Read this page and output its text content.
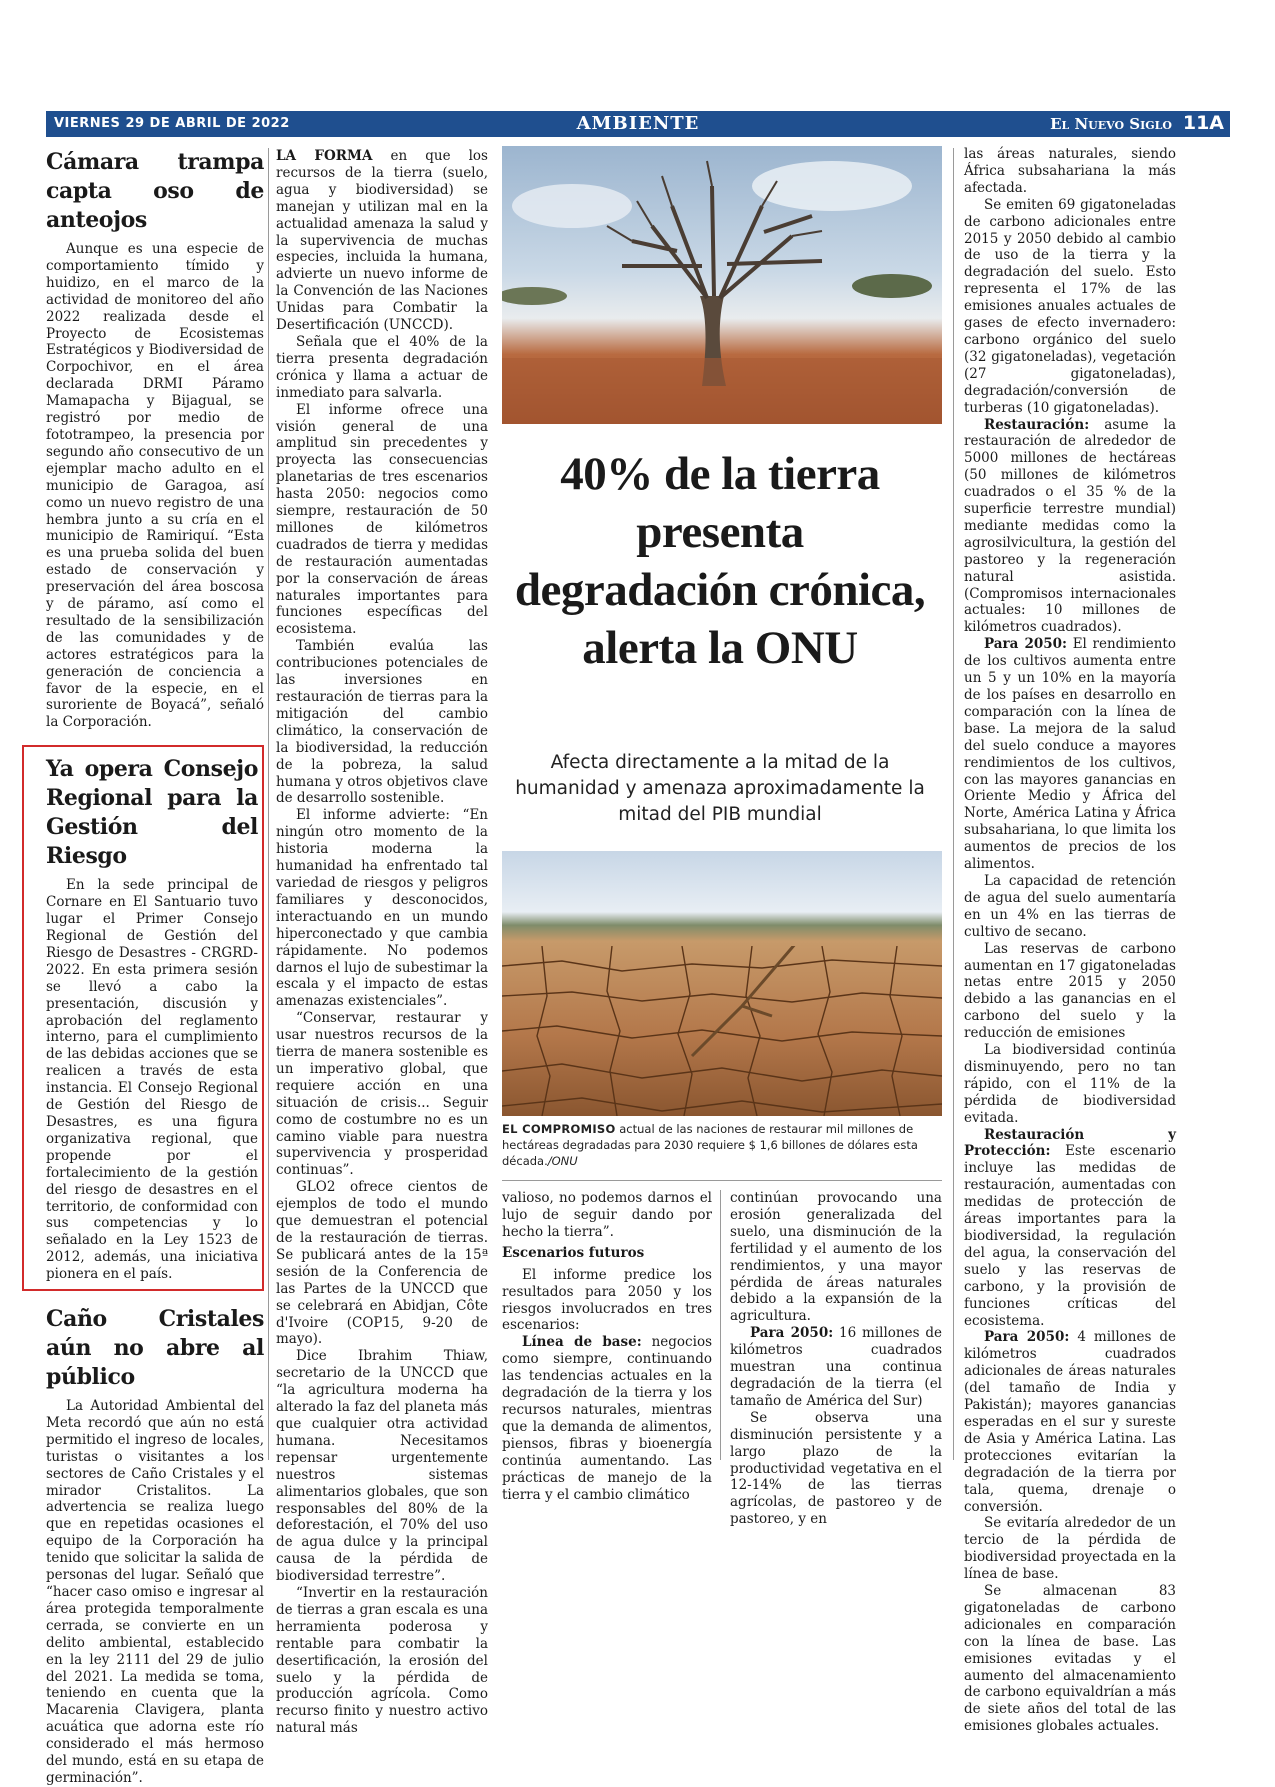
VIERNES 29 DE ABRIL DE 2022	AMBIENTE	El Nuevo Siglo 11A
Cámara trampa capta oso de anteojos

Aunque es una especie de comportamiento tímido y huidizo, en el marco de la actividad de monitoreo del año 2022 realizada desde el Proyecto de Ecosistemas Estratégicos y Biodiversidad de Corpochivor, en el área declarada DRMI Páramo Mamapacha y Bijagual, se registró por medio de fototrampeo, la presencia por segundo año consecutivo de un ejemplar macho adulto en el municipio de Garagoa, así como un nuevo registro de una hembra junto a su cría en el municipio de Ramiriquí. “Esta es una prueba solida del buen estado de conservación y preservación del área boscosa y de páramo, así como el resultado de la sensibilización de las comunidades y de actores estratégicos para la generación de conciencia a favor de la especie, en el suroriente de Boyacá”, señaló la Corporación.

Ya opera Consejo Regional para la Gestión del Riesgo

En la sede principal de Cornare en El Santuario tuvo lugar el Primer Consejo Regional de Gestión del Riesgo de Desastres - CRGRD-2022. En esta primera sesión se llevó a cabo la presentación, discusión y aprobación del reglamento interno, para el cumplimiento de las debidas acciones que se realicen a través de esta instancia. El Consejo Regional de Gestión del Riesgo de Desastres, es una figura organizativa regional, que propende por el fortalecimiento de la gestión del riesgo de desastres en el territorio, de conformidad con sus competencias y lo señalado en la Ley 1523 de 2012, además, una iniciativa pionera en el país.

Caño Cristales aún no abre al público

La Autoridad Ambiental del Meta recordó que aún no está permitido el ingreso de locales, turistas o visitantes a los sectores de Caño Cristales y el mirador Cristalitos. La advertencia se realiza luego que en repetidas ocasiones el equipo de la Corporación ha tenido que solicitar la salida de personas del lugar. Señaló que “hacer caso omiso e ingresar al área protegida temporalmente cerrada, se convierte en un delito ambiental, establecido en la ley 2111 del 29 de julio del 2021. La medida se toma, teniendo en cuenta que la Macarenia Clavigera, planta acuática que adorna este río considerado el más hermoso del mundo, está en su etapa de germinación”.

LA FORMA en que los recursos de la tierra (suelo, agua y biodiversidad) se manejan y utilizan mal en la actualidad amenaza la salud y la supervivencia de muchas especies, incluida la humana, advierte un nuevo informe de la Convención de las Naciones Unidas para Combatir la Desertificación (UNCCD).

Señala que el 40% de la tierra presenta degradación crónica y llama a actuar de inmediato para salvarla.

El informe ofrece una visión general de una amplitud sin precedentes y proyecta las consecuencias planetarias de tres escenarios hasta 2050: negocios como siempre, restauración de 50 millones de kilómetros cuadrados de tierra y medidas de restauración aumentadas por la conservación de áreas naturales importantes para funciones específicas del ecosistema.

También evalúa las contribuciones potenciales de las inversiones en restauración de tierras para la mitigación del cambio climático, la conservación de la biodiversidad, la reducción de la pobreza, la salud humana y otros objetivos clave de desarrollo sostenible.

El informe advierte: “En ningún otro momento de la historia moderna la humanidad ha enfrentado tal variedad de riesgos y peligros familiares y desconocidos, interactuando en un mundo hiperconectado y que cambia rápidamente. No podemos darnos el lujo de subestimar la escala y el impacto de estas amenazas existenciales”.

“Conservar, restaurar y usar nuestros recursos de la tierra de manera sostenible es un imperativo global, que requiere acción en una situación de crisis... Seguir como de costumbre no es un camino viable para nuestra supervivencia y prosperidad continuas”.

GLO2 ofrece cientos de ejemplos de todo el mundo que demuestran el potencial de la restauración de tierras. Se publicará antes de la 15ª sesión de la Conferencia de las Partes de la UNCCD que se celebrará en Abidjan, Côte d'Ivoire (COP15, 9-20 de mayo).

Dice Ibrahim Thiaw, secretario de la UNCCD que “la agricultura moderna ha alterado la faz del planeta más que cualquier otra actividad humana. Necesitamos repensar urgentemente nuestros sistemas alimentarios globales, que son responsables del 80% de la deforestación, el 70% del uso de agua dulce y la principal causa de la pérdida de biodiversidad terrestre”.

“Invertir en la restauración de tierras a gran escala es una herramienta poderosa y rentable para combatir la desertificación, la erosión del suelo y la pérdida de producción agrícola. Como recurso finito y nuestro activo natural más

40% de la tierra presenta degradación crónica, alerta la ONU
Afecta directamente a la mitad de la humanidad y amenaza aproximadamente la mitad del PIB mundial
EL COMPROMISO actual de las naciones de restaurar mil millones de hectáreas degradadas para 2030 requiere $ 1,6 billones de dólares esta década./ONU

valioso, no podemos darnos el lujo de seguir dando por hecho la tierra”.

Escenarios futuros

El informe predice los resultados para 2050 y los riesgos involucrados en tres escenarios:

Línea de base: negocios como siempre, continuando las tendencias actuales en la degradación de la tierra y los recursos naturales, mientras que la demanda de alimentos, piensos, fibras y bioenergía continúa aumentando. Las prácticas de manejo de la tierra y el cambio climático

continúan provocando una erosión generalizada del suelo, una disminución de la fertilidad y el aumento de los rendimientos, y una mayor pérdida de áreas naturales debido a la expansión de la agricultura.

Para 2050: 16 millones de kilómetros cuadrados muestran una continua degradación de la tierra (el tamaño de América del Sur)

Se observa una disminución persistente y a largo plazo de la productividad vegetativa en el 12-14% de las tierras agrícolas, de pastoreo y de pastoreo, y en

las áreas naturales, siendo África subsahariana la más afectada.

Se emiten 69 gigatoneladas de carbono adicionales entre 2015 y 2050 debido al cambio de uso de la tierra y la degradación del suelo. Esto representa el 17% de las emisiones anuales actuales de gases de efecto invernadero: carbono orgánico del suelo (32 gigatoneladas), vegetación (27 gigatoneladas), degradación/conversión de turberas (10 gigatoneladas).

Restauración: asume la restauración de alrededor de 5000 millones de hectáreas (50 millones de kilómetros cuadrados o el 35 % de la superficie terrestre mundial) mediante medidas como la agrosilvicultura, la gestión del pastoreo y la regeneración natural asistida. (Compromisos internacionales actuales: 10 millones de kilómetros cuadrados).

Para 2050: El rendimiento de los cultivos aumenta entre un 5 y un 10% en la mayoría de los países en desarrollo en comparación con la línea de base. La mejora de la salud del suelo conduce a mayores rendimientos de los cultivos, con las mayores ganancias en Oriente Medio y África del Norte, América Latina y África subsahariana, lo que limita los aumentos de precios de los alimentos.

La capacidad de retención de agua del suelo aumentaría en un 4% en las tierras de cultivo de secano.

Las reservas de carbono aumentan en 17 gigatoneladas netas entre 2015 y 2050 debido a las ganancias en el carbono del suelo y la reducción de emisiones

La biodiversidad continúa disminuyendo, pero no tan rápido, con el 11% de la pérdida de biodiversidad evitada.

Restauración y Protección: Este escenario incluye las medidas de restauración, aumentadas con medidas de protección de áreas importantes para la biodiversidad, la regulación del agua, la conservación del suelo y las reservas de carbono, y la provisión de funciones críticas del ecosistema.

Para 2050: 4 millones de kilómetros cuadrados adicionales de áreas naturales (del tamaño de India y Pakistán); mayores ganancias esperadas en el sur y sureste de Asia y América Latina. Las protecciones evitarían la degradación de la tierra por tala, quema, drenaje o conversión.

Se evitaría alrededor de un tercio de la pérdida de biodiversidad proyectada en la línea de base.

Se almacenan 83 gigatoneladas de carbono adicionales en comparación con la línea de base. Las emisiones evitadas y el aumento del almacenamiento de carbono equivaldrían a más de siete años del total de las emisiones globales actuales.
